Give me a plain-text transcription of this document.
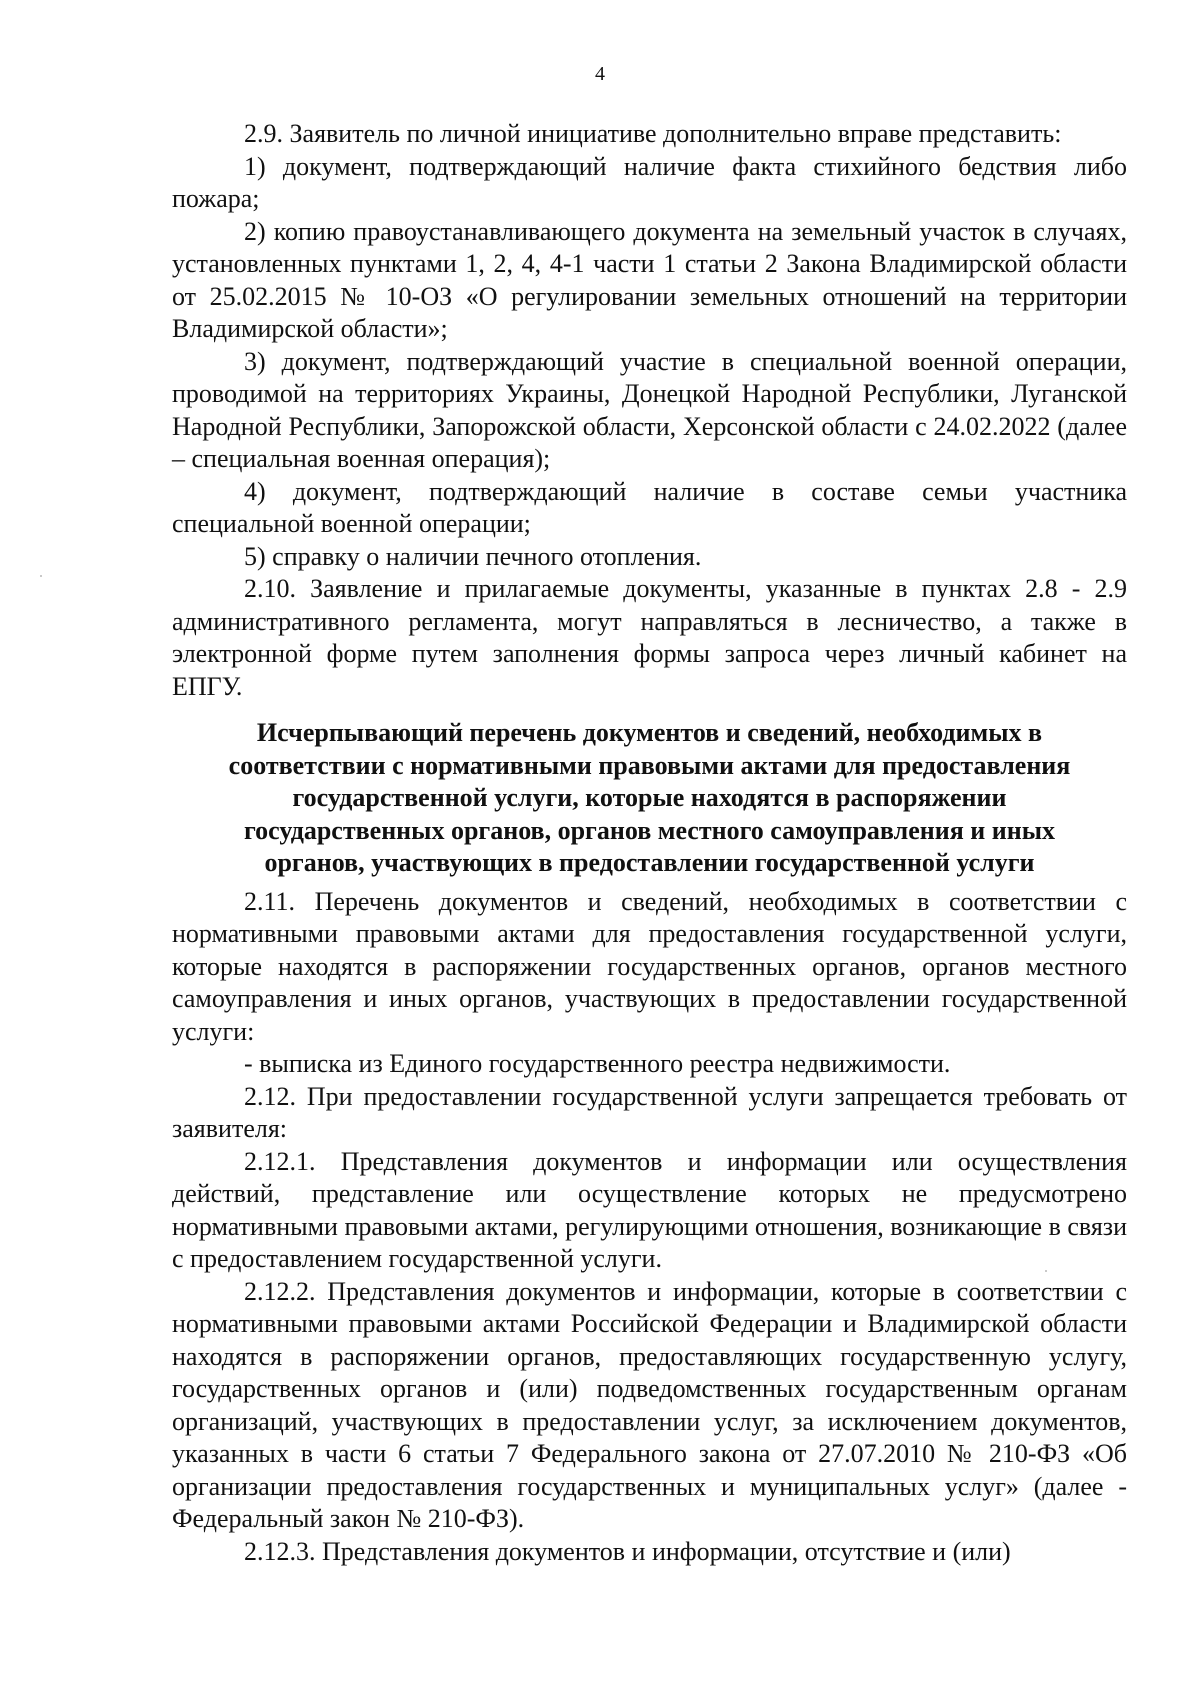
4

2.9. Заявитель по личной инициативе дополнительно вправе представить:

1) документ, подтверждающий наличие факта стихийного бедствия либо пожара;

2) копию правоустанавливающего документа на земельный участок в случаях, установленных пунктами 1, 2, 4, 4-1 части 1 статьи 2 Закона Владимирской области от 25.02.2015 № 10-ОЗ «О регулировании земельных отношений на территории Владимирской области»;

3) документ, подтверждающий участие в специальной военной операции, проводимой на территориях Украины, Донецкой Народной Республики, Луганской Народной Республики, Запорожской области, Херсонской области с 24.02.2022 (далее – специальная военная операция);

4) документ, подтверждающий наличие в составе семьи участника специальной военной операции;

5) справку о наличии печного отопления.

2.10. Заявление и прилагаемые документы, указанные в пунктах 2.8 - 2.9 административного регламента, могут направляться в лесничество, а также в электронной форме путем заполнения формы запроса через личный кабинет на ЕПГУ.

Исчерпывающий перечень документов и сведений, необходимых в соответствии с нормативными правовыми актами для предоставления государственной услуги, которые находятся в распоряжении государственных органов, органов местного самоуправления и иных органов, участвующих в предоставлении государственной услуги

2.11. Перечень документов и сведений, необходимых в соответствии с нормативными правовыми актами для предоставления государственной услуги, которые находятся в распоряжении государственных органов, органов местного самоуправления и иных органов, участвующих в предоставлении государственной услуги:

- выписка из Единого государственного реестра недвижимости.

2.12. При предоставлении государственной услуги запрещается требовать от заявителя:

2.12.1. Представления документов и информации или осуществления действий, представление или осуществление которых не предусмотрено нормативными правовыми актами, регулирующими отношения, возникающие в связи с предоставлением государственной услуги.

2.12.2. Представления документов и информации, которые в соответствии с нормативными правовыми актами Российской Федерации и Владимирской области находятся в распоряжении органов, предоставляющих государственную услугу, государственных органов и (или) подведомственных государственным органам организаций, участвующих в предоставлении услуг, за исключением документов, указанных в части 6 статьи 7 Федерального закона от 27.07.2010 № 210-ФЗ «Об организации предоставления государственных и муниципальных услуг» (далее - Федеральный закон № 210-ФЗ).

2.12.3. Представления документов и информации, отсутствие и (или)
